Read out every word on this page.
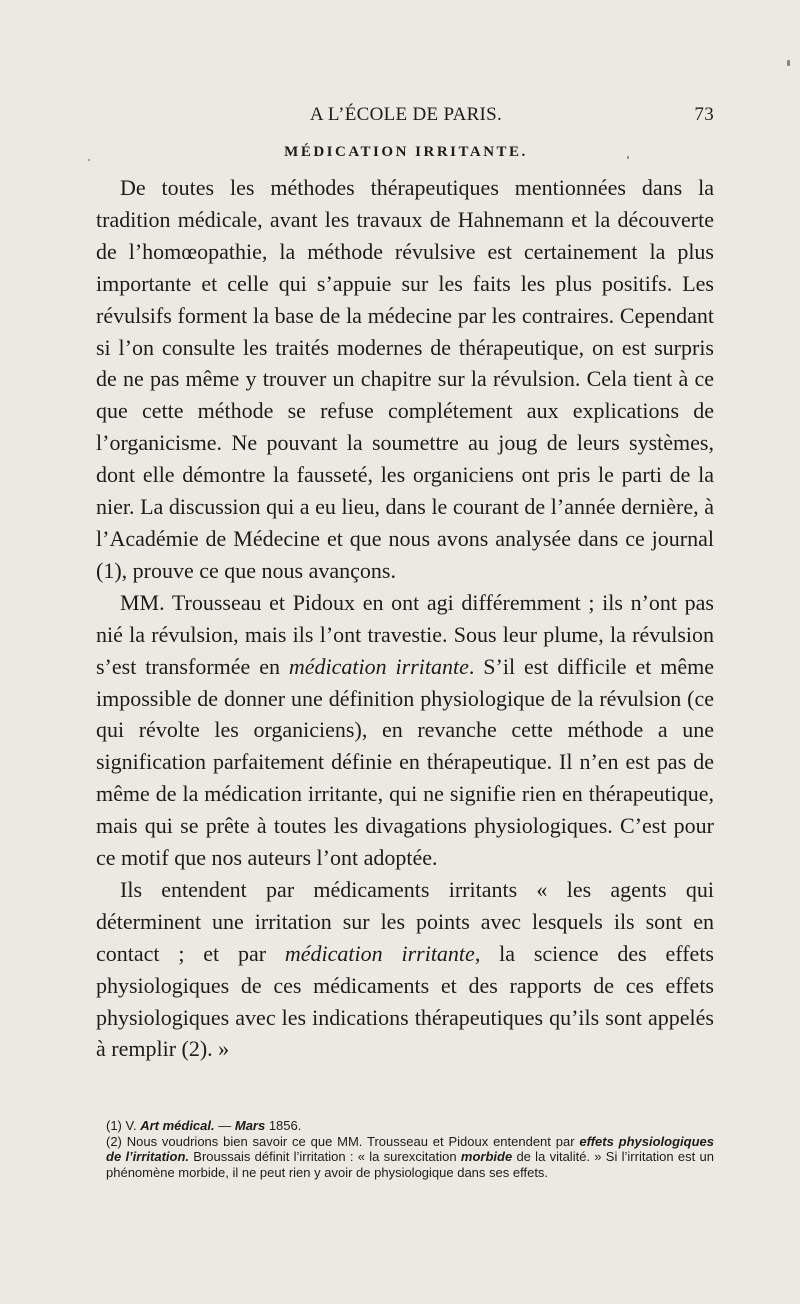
A L’ÉCOLE DE PARIS.	73
MÉDICATION IRRITANTE.

De toutes les méthodes thérapeutiques mentionnées dans la tradition médicale, avant les travaux de Hahnemann et la découverte de l’homœopathie, la méthode révulsive est certainement la plus importante et celle qui s’appuie sur les faits les plus positifs. Les révulsifs forment la base de la médecine par les contraires. Cependant si l’on consulte les traités modernes de thérapeutique, on est surpris de ne pas même y trouver un chapitre sur la révulsion. Cela tient à ce que cette méthode se refuse complétement aux explications de l’organicisme. Ne pouvant la soumettre au joug de leurs systèmes, dont elle démontre la fausseté, les organiciens ont pris le parti de la nier. La discussion qui a eu lieu, dans le courant de l’année dernière, à l’Académie de Médecine et que nous avons analysée dans ce journal (1), prouve ce que nous avançons.

MM. Trousseau et Pidoux en ont agi différemment ; ils n’ont pas nié la révulsion, mais ils l’ont travestie. Sous leur plume, la révulsion s’est transformée en médication irritante. S’il est difficile et même impossible de donner une définition physiologique de la révulsion (ce qui révolte les organiciens), en revanche cette méthode a une signification parfaitement définie en thérapeutique. Il n’en est pas de même de la médication irritante, qui ne signifie rien en thérapeutique, mais qui se prête à toutes les divagations physiologiques. C’est pour ce motif que nos auteurs l’ont adoptée.

Ils entendent par médicaments irritants « les agents qui déterminent une irritation sur les points avec lesquels ils sont en contact ; et par médication irritante, la science des effets physiologiques de ces médicaments et des rapports de ces effets physiologiques avec les indications thérapeutiques qu’ils sont appelés à remplir (2). »

(1) V. Art médical. — Mars 1856.

(2) Nous voudrions bien savoir ce que MM. Trousseau et Pidoux entendent par effets physiologiques de l’irritation. Broussais définit l’irritation : « la surexcitation morbide de la vitalité. » Si l’irritation est un phénomène morbide, il ne peut rien y avoir de physiologique dans ses effets.
